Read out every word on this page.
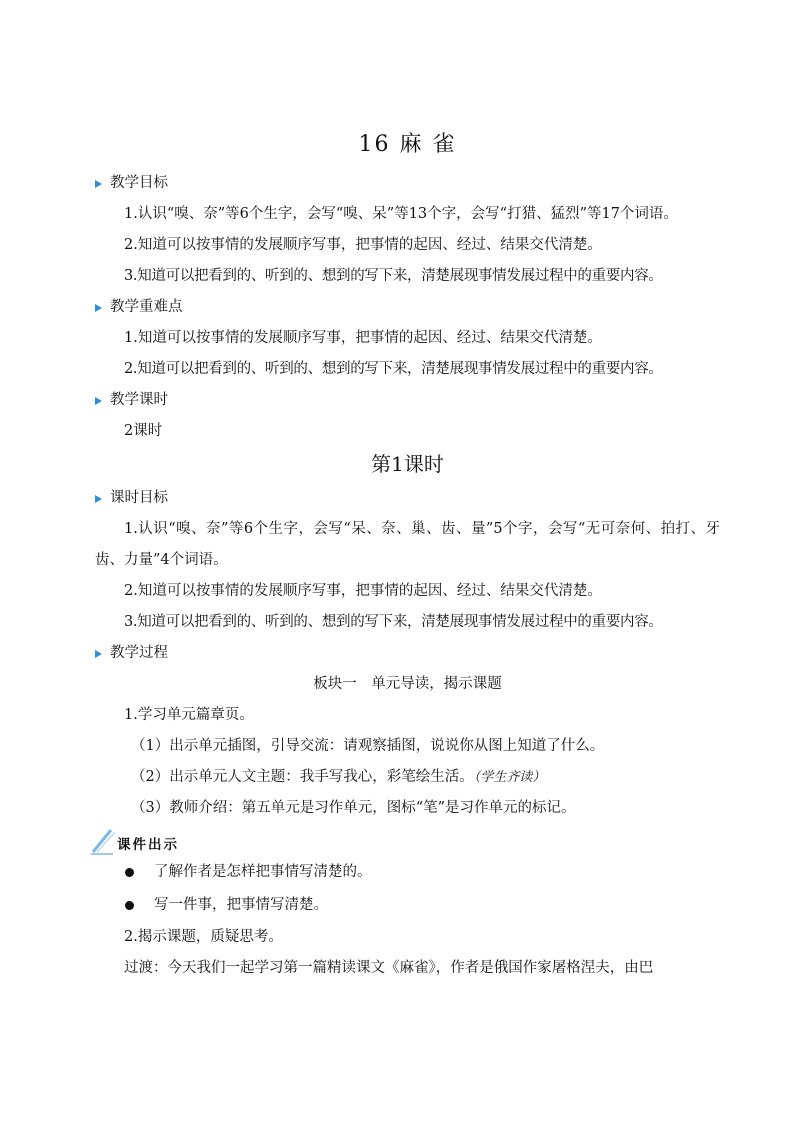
16 麻 雀
教学目标
1.认识“嗅、奈”等6个生字，会写“嗅、呆”等13个字，会写“打猎、猛烈”等17个词语。
2.知道可以按事情的发展顺序写事，把事情的起因、经过、结果交代清楚。
3.知道可以把看到的、听到的、想到的写下来，清楚展现事情发展过程中的重要内容。
教学重难点
1.知道可以按事情的发展顺序写事，把事情的起因、经过、结果交代清楚。
2.知道可以把看到的、听到的、想到的写下来，清楚展现事情发展过程中的重要内容。
教学课时
2课时
第1课时
课时目标
1.认识“嗅、奈”等6个生字，会写“呆、奈、巢、齿、量”5个字，会写“无可奈何、拍打、牙齿、力量”4个词语。
2.知道可以按事情的发展顺序写事，把事情的起因、经过、结果交代清楚。
3.知道可以把看到的、听到的、想到的写下来，清楚展现事情发展过程中的重要内容。
教学过程
板块一　单元导读，揭示课题
1.学习单元篇章页。
（1）出示单元插图，引导交流：请观察插图，说说你从图上知道了什么。
（2）出示单元人文主题：我手写我心，彩笔绘生活。（学生齐读）
（3）教师介绍：第五单元是习作单元，图标“笔”是习作单元的标记。
课件出示
了解作者是怎样把事情写清楚的。
写一件事，把事情写清楚。
2.揭示课题，质疑思考。
过渡：今天我们一起学习第一篇精读课文《麻雀》，作者是俄国作家屠格涅夫，由巴
